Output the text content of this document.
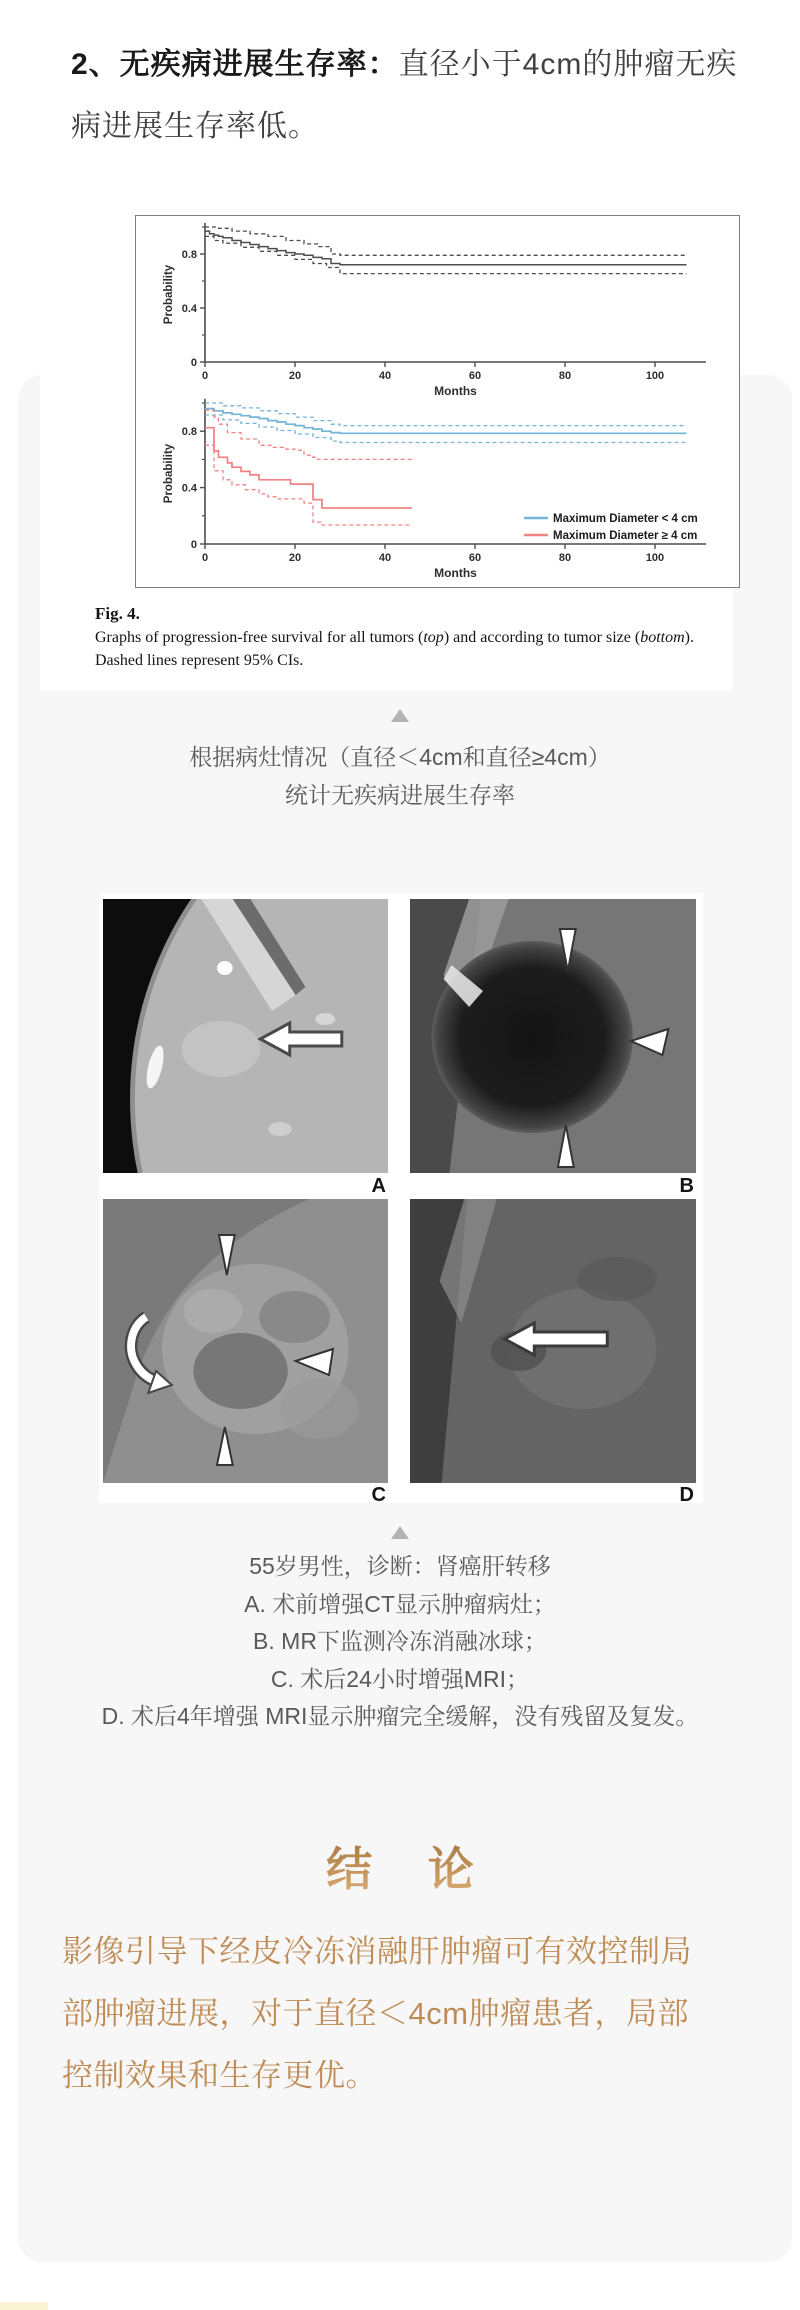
2、无疾病进展生存率：直径小于4cm的肿瘤无疾病进展生存率低。
0	20	40	60	80	100
0
0.4
0.8
Months
Probability
0	20	40	60	80	100
0
0.4
0.8
Months
Probability
Maximum Diameter < 4 cm
Maximum Diameter ≥ 4 cm
Fig. 4.
Graphs of progression-free survival for all tumors (top) and according to tumor size (bottom). Dashed lines represent 95% CIs.
根据病灶情况（直径＜4cm和直径≥4cm）
统计无疾病进展生存率
A	B
C	D
55岁男性，诊断：肾癌肝转移
A. 术前增强CT显示肿瘤病灶；
B. MR下监测冷冻消融冰球；
C. 术后24小时增强MRI；
D. 术后4年增强 MRI显示肿瘤完全缓解，没有残留及复发。
结 论
影像引导下经皮冷冻消融肝肿瘤可有效控制局
部肿瘤进展，对于直径＜4cm肿瘤患者，局部
控制效果和生存更优。
